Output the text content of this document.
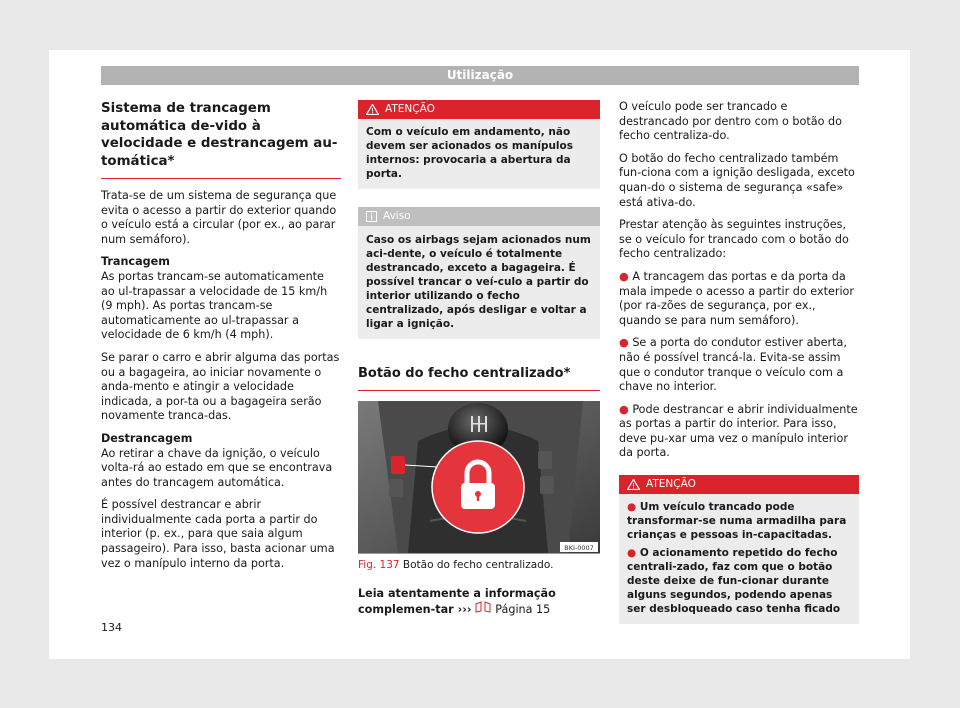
Utilização
Sistema de trancagem automática de-vido à velocidade e destrancagem au-tomática*

Trata-se de um sistema de segurança que evita o acesso a partir do exterior quando o veículo está a circular (por ex., ao parar num semáforo).

Trancagem

As portas trancam-se automaticamente ao ul-trapassar a velocidade de 15 km/h (9 mph). As portas trancam-se automaticamente ao ul-trapassar a velocidade de 6 km/h (4 mph).

Se parar o carro e abrir alguma das portas ou a bagageira, ao iniciar novamente o anda-mento e atingir a velocidade indicada, a por-ta ou a bagageira serão novamente tranca-das.

Destrancagem

Ao retirar a chave da ignição, o veículo volta-rá ao estado em que se encontrava antes do trancagem automática.

É possível destrancar e abrir individualmente cada porta a partir do interior (p. ex., para que saia algum passageiro). Para isso, basta acionar uma vez o manípulo interno da porta.

ATENÇÃO
Com o veículo em andamento, não devem ser acionados os manípulos internos: provocaria a abertura da porta.
Aviso
Caso os airbags sejam acionados num aci-dente, o veículo é totalmente destrancado, exceto a bagageira. É possível trancar o veí-culo a partir do interior utilizando o fecho centralizado, após desligar e voltar a ligar a ignição.
Botão do fecho centralizado*
BKI-0007
Fig. 137 Botão do fecho centralizado.
Leia atentamente a informação complemen-tar ››› Página 15

O veículo pode ser trancado e destrancado por dentro com o botão do fecho centraliza-do.

O botão do fecho centralizado também fun-ciona com a ignição desligada, exceto quan-do o sistema de segurança «safe» está ativa-do.

Prestar atenção às seguintes instruções, se o veículo for trancado com o botão do fecho centralizado:

● A trancagem das portas e da porta da mala impede o acesso a partir do exterior (por ra-zões de segurança, por ex., quando se para num semáforo).

● Se a porta do condutor estiver aberta, não é possível trancá-la. Evita-se assim que o condutor tranque o veículo com a chave no interior.

● Pode destrancar e abrir individualmente as portas a partir do interior. Para isso, deve pu-xar uma vez o manípulo interior da porta.

ATENÇÃO

● Um veículo trancado pode transformar-se numa armadilha para crianças e pessoas in-capacitadas.

● O acionamento repetido do fecho centrali-zado, faz com que o botão deste deixe de fun-cionar durante alguns segundos, podendo apenas ser desbloqueado caso tenha ficado

134
